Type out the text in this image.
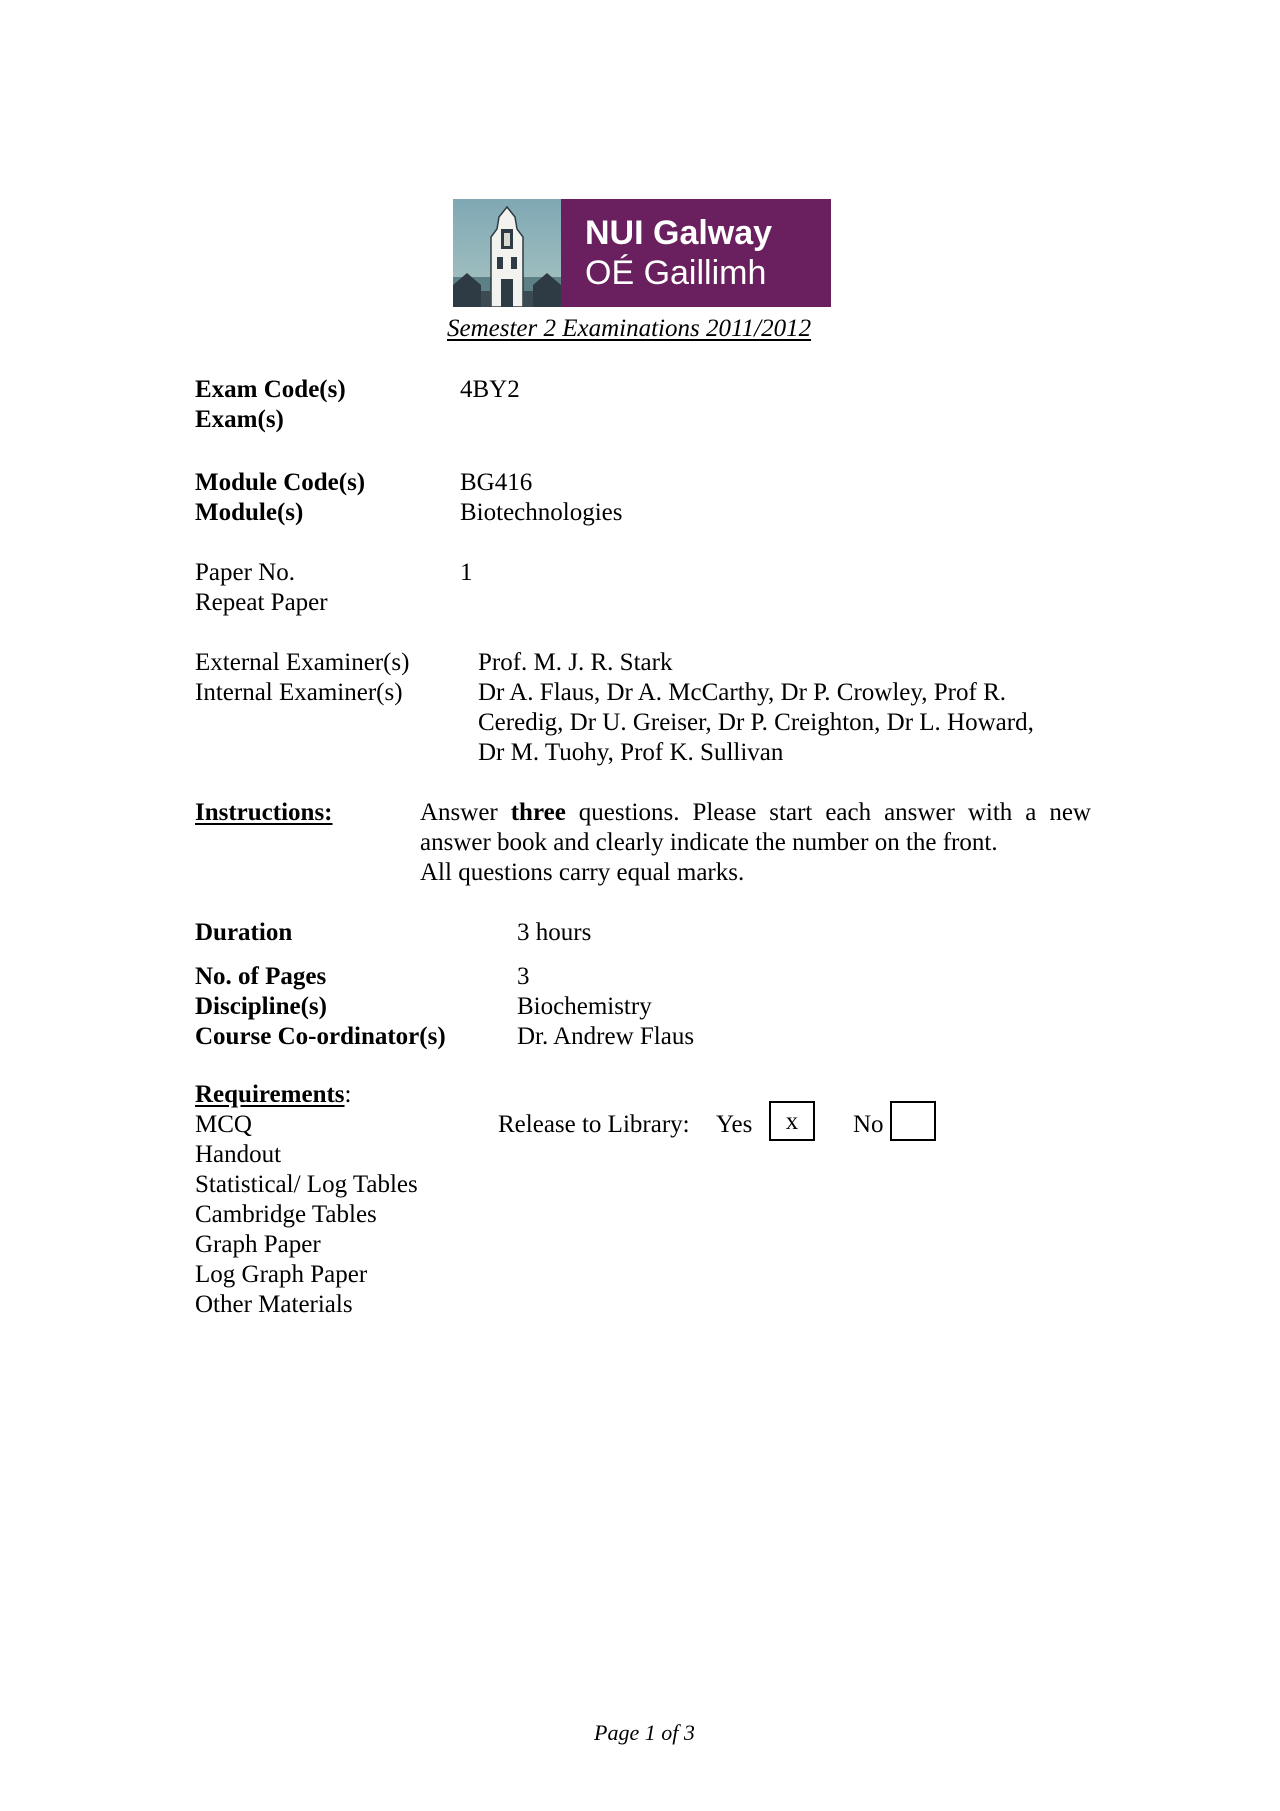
NUI Galway
OÉ Gaillimh
Semester 2 Examinations 2011/2012
Exam Code(s)	4BY2
Exam(s)
Module Code(s)	BG416
Module(s)	Biotechnologies
Paper No.	1
Repeat Paper
External Examiner(s)	Prof. M. J. R. Stark
Internal Examiner(s)	Dr A. Flaus, Dr A. McCarthy, Dr P. Crowley, Prof R.
Ceredig, Dr U. Greiser, Dr P. Creighton, Dr L. Howard,
Dr M. Tuohy, Prof K. Sullivan
Instructions:	Answer three questions. Please start each answer with a new
answer book and clearly indicate the number on the front.
All questions carry equal marks.
Duration	3 hours
No. of Pages	3
Discipline(s)	Biochemistry
Course Co-ordinator(s)	Dr. Andrew Flaus
Requirements:
MCQ
Handout
Statistical/ Log Tables
Cambridge Tables
Graph Paper
Log Graph Paper
Other Materials
Release to Library: Yes	x	No
Page 1 of 3
